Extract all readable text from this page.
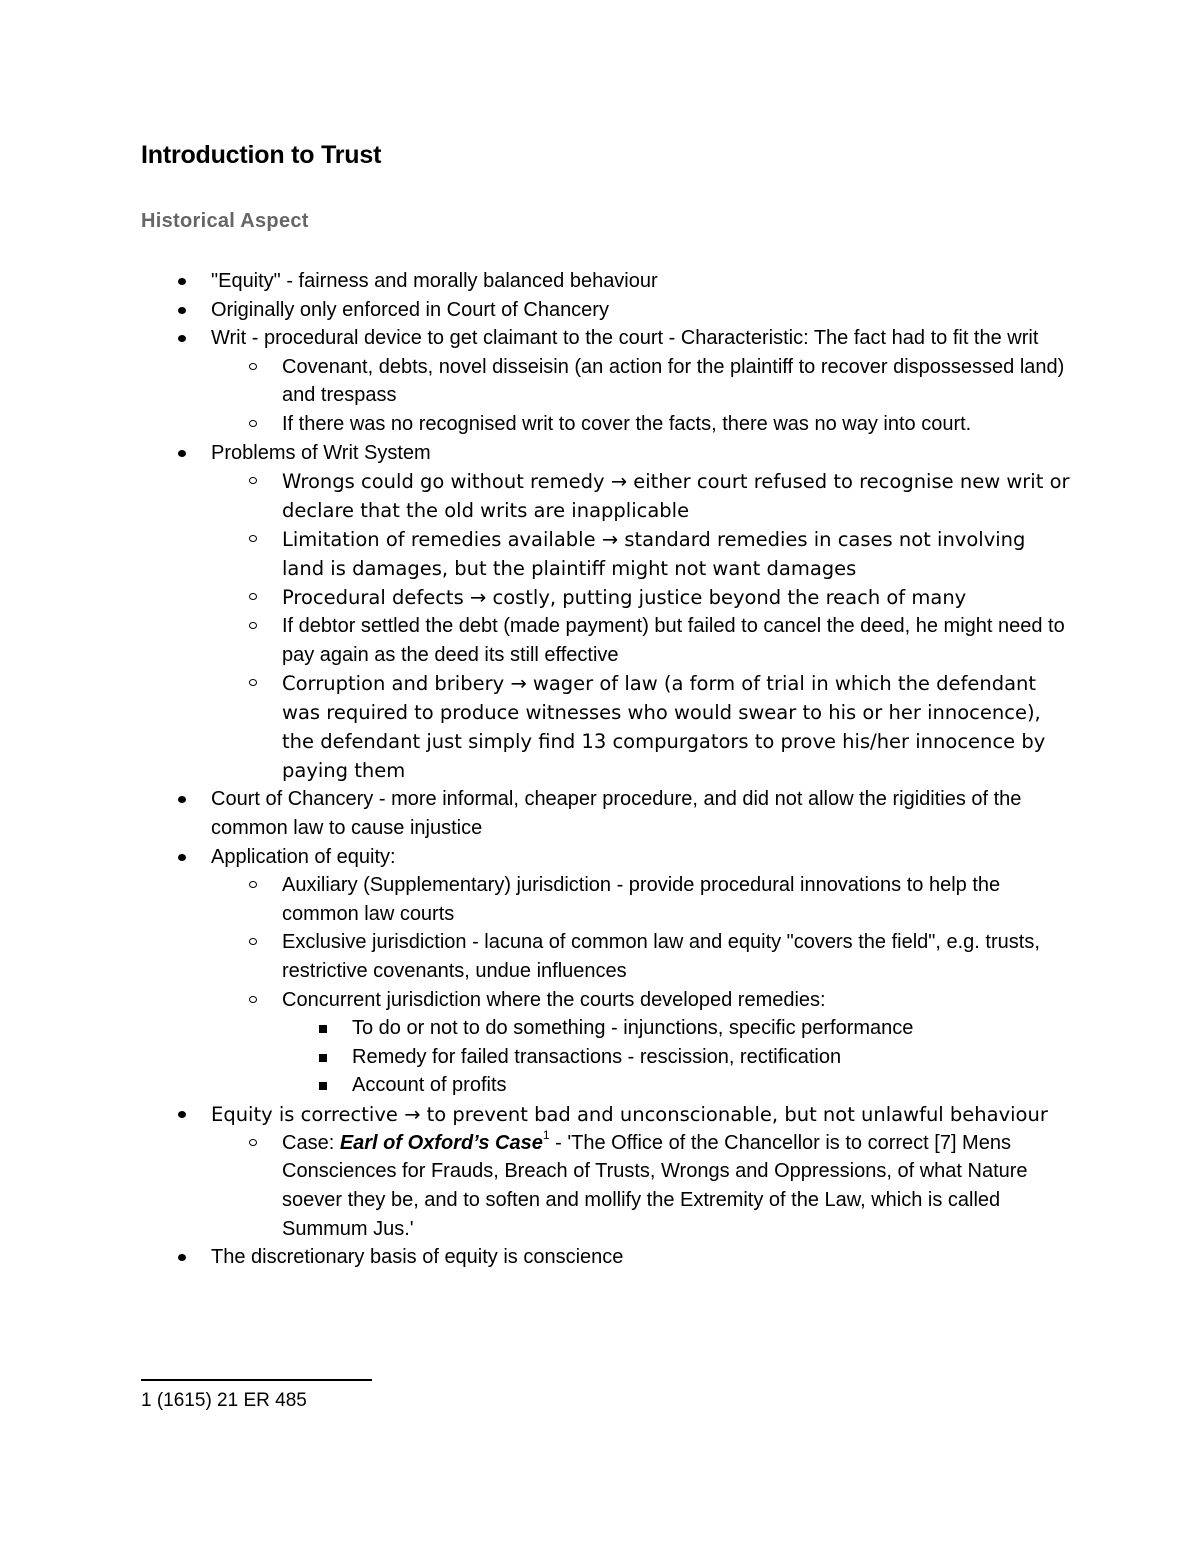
Introduction to Trust
Historical Aspect
"Equity" - fairness and morally balanced behaviour
Originally only enforced in Court of Chancery
Writ - procedural device to get claimant to the court - Characteristic: The fact had to fit the writ
Covenant, debts, novel disseisin (an action for the plaintiff to recover dispossessed land) and trespass
If there was no recognised writ to cover the facts, there was no way into court.
Problems of Writ System
Wrongs could go without remedy → either court refused to recognise new writ or declare that the old writs are inapplicable
Limitation of remedies available → standard remedies in cases not involving land is damages, but the plaintiff might not want damages
Procedural defects → costly, putting justice beyond the reach of many
If debtor settled the debt (made payment) but failed to cancel the deed, he might need to pay again as the deed its still effective
Corruption and bribery → wager of law (a form of trial in which the defendant was required to produce witnesses who would swear to his or her innocence), the defendant just simply find 13 compurgators to prove his/her innocence by paying them
Court of Chancery - more informal, cheaper procedure, and did not allow the rigidities of the common law to cause injustice
Application of equity:
Auxiliary (Supplementary) jurisdiction - provide procedural innovations to help the common law courts
Exclusive jurisdiction - lacuna of common law and equity "covers the field", e.g. trusts, restrictive covenants, undue influences
Concurrent jurisdiction where the courts developed remedies:
To do or not to do something - injunctions, specific performance
Remedy for failed transactions - rescission, rectification
Account of profits
Equity is corrective → to prevent bad and unconscionable, but not unlawful behaviour
Case: Earl of Oxford’s Case$^1$ - 'The Office of the Chancellor is to correct [7] Mens Consciences for Frauds, Breach of Trusts, Wrongs and Oppressions, of what Nature soever they be, and to soften and mollify the Extremity of the Law, which is called Summum Jus.'
The discretionary basis of equity is conscience

1 (1615) 21 ER 485
